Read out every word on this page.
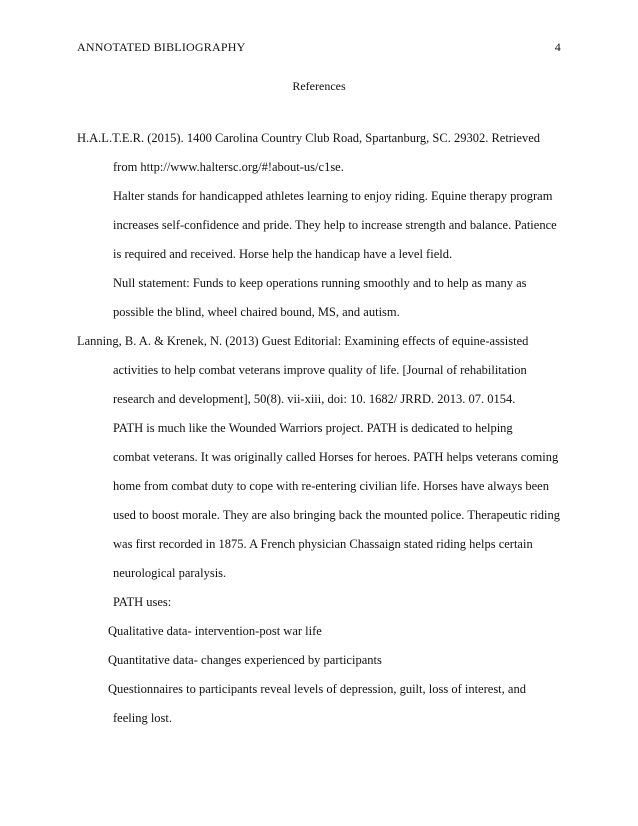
ANNOTATED BIBLIOGRAPHY	4
References
H.A.L.T.E.R. (2015). 1400 Carolina Country Club Road, Spartanburg, SC. 29302. Retrieved
from http://www.haltersc.org/#!about-us/c1se.
Halter stands for handicapped athletes learning to enjoy riding. Equine therapy program
increases self-confidence and pride. They help to increase strength and balance. Patience
is required and received. Horse help the handicap have a level field.
Null statement: Funds to keep operations running smoothly and to help as many as
possible the blind, wheel chaired bound, MS, and autism.
Lanning, B. A. & Krenek, N. (2013) Guest Editorial: Examining effects of equine-assisted
activities to help combat veterans improve quality of life. [Journal of rehabilitation
research and development], 50(8). vii-xiii, doi: 10. 1682/ JRRD. 2013. 07. 0154.
PATH is much like the Wounded Warriors project. PATH is dedicated to helping
combat veterans. It was originally called Horses for heroes. PATH helps veterans coming
home from combat duty to cope with re-entering civilian life. Horses have always been
used to boost morale. They are also bringing back the mounted police. Therapeutic riding
was first recorded in 1875. A French physician Chassaign stated riding helps certain
neurological paralysis.
PATH uses:
Qualitative data- intervention-post war life
Quantitative data- changes experienced by participants
Questionnaires to participants reveal levels of depression, guilt, loss of interest, and
feeling lost.
